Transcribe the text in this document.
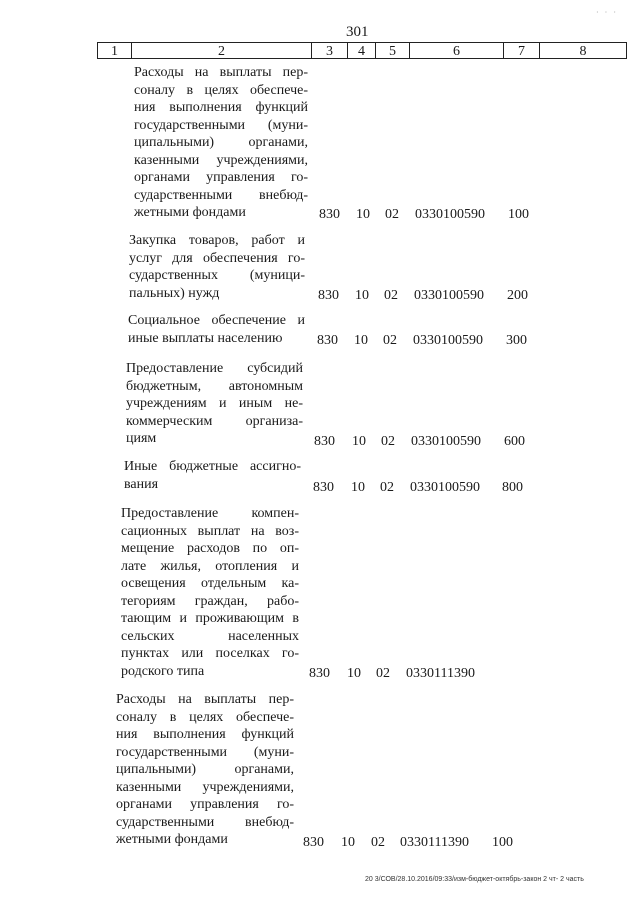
· · ·
301
1	2	3	4	5	6	7	8
Расходы на выплаты пер-
соналу в целях обеспече-
ния выполнения функций
государственными (муни-
ципальными) органами,
казенными учреждениями,
органами управления го-
сударственными внебюд-
жетными фондами	830 10 02 0330100590 100
Закупка товаров, работ и
услуг для обеспечения го-
сударственных (муници-
пальных) нужд	830 10 02 0330100590 200
Социальное обеспечение и
иные выплаты населению	830 10 02 0330100590 300
Предоставление субсидий
бюджетным, автономным
учреждениям и иным не-
коммерческим организа-
циям	830 10 02 0330100590 600
Иные бюджетные ассигно-
вания	830 10 02 0330100590 800
Предоставление компен-
сационных выплат на воз-
мещение расходов по оп-
лате жилья, отопления и
освещения отдельным ка-
тегориям граждан, рабо-
тающим и проживающим в
сельских населенных
пунктах или поселках го-
родского типа	830 10 02 0330111390
Расходы на выплаты пер-
соналу в целях обеспече-
ния выполнения функций
государственными (муни-
ципальными) органами,
казенными учреждениями,
органами управления го-
сударственными внебюд-
жетными фондами	830 10 02 0330111390 100
20 3/СОВ/28.10.2016/09:33/изм-бюджет-октябрь-закон 2 чт- 2 часть
